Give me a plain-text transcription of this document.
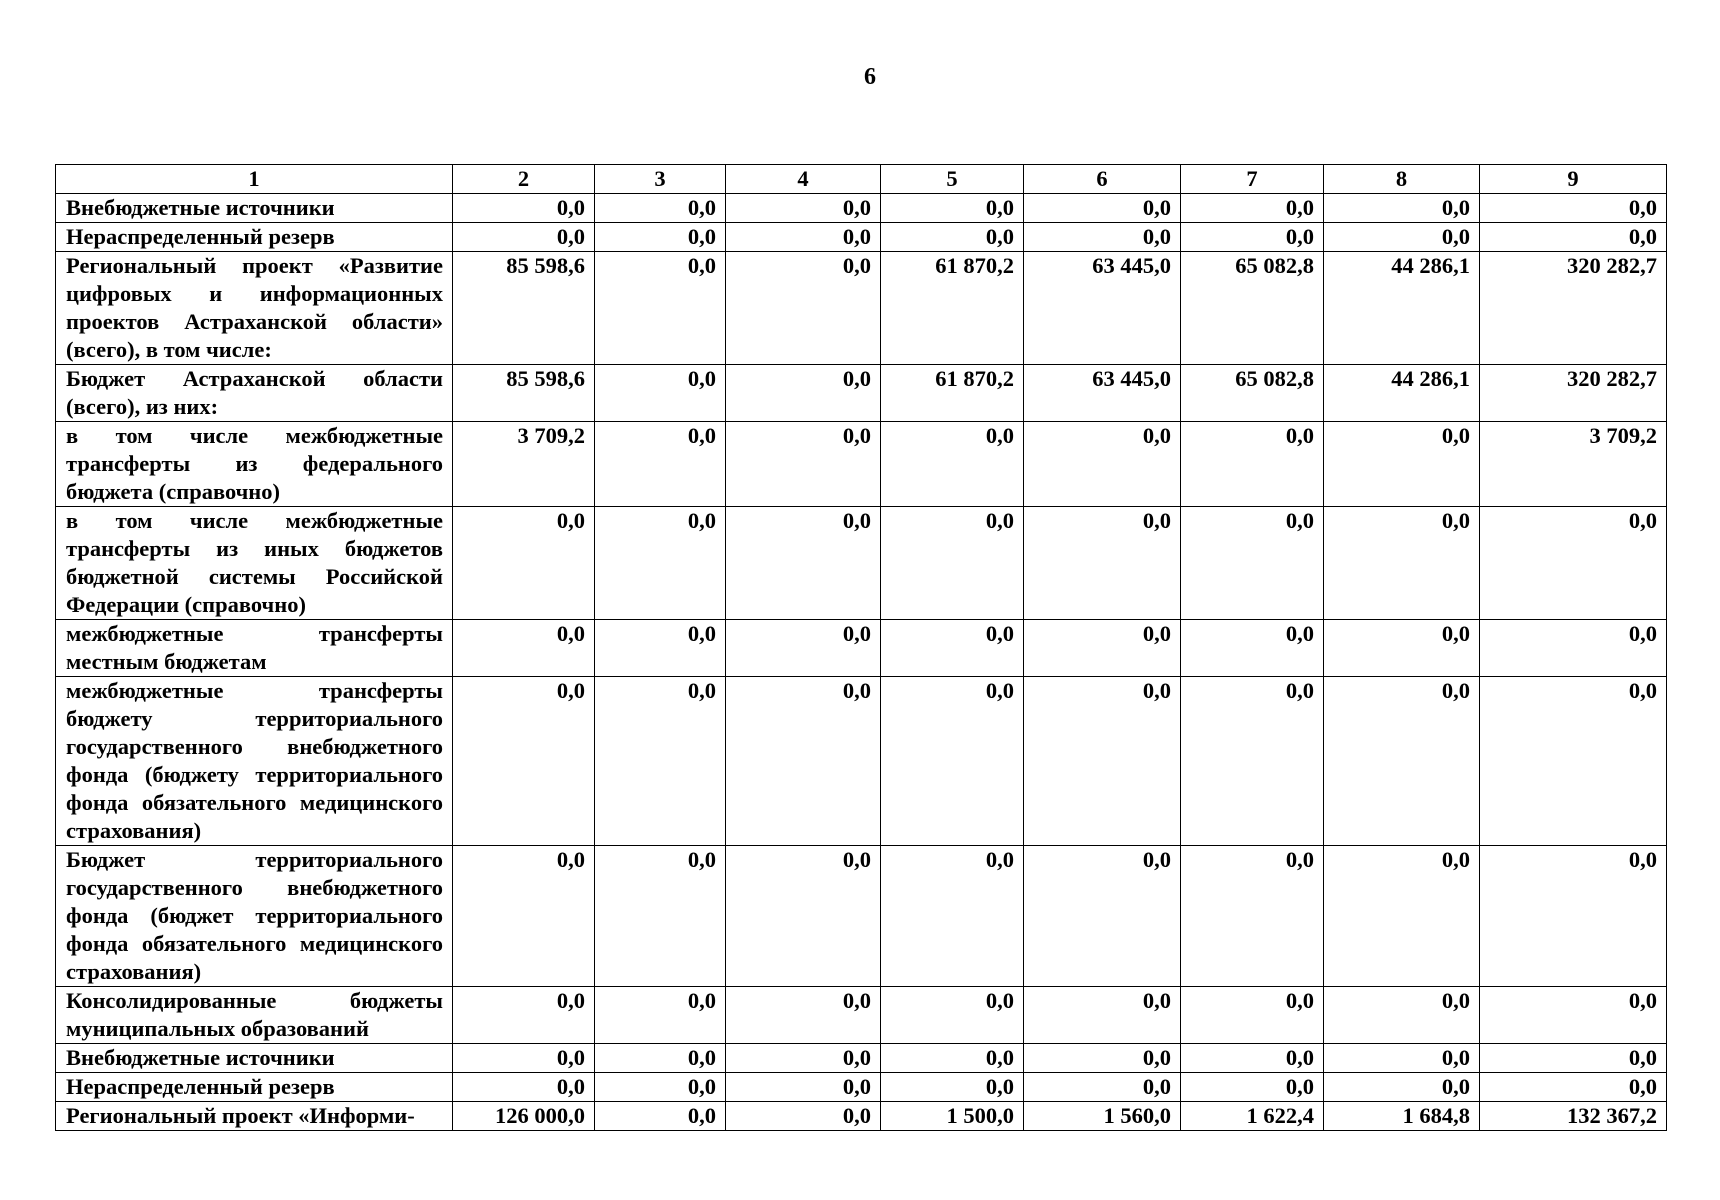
6
1	2	3	4	5	6	7	8	9
Внебюджетные источники	0,0	0,0	0,0	0,0	0,0	0,0	0,0	0,0
Нераспределенный резерв	0,0	0,0	0,0	0,0	0,0	0,0	0,0	0,0
Региональный проект «Развитие цифровых и информационных проектов Астраханской области» (всего), в том числе:	85 598,6	0,0	0,0	61 870,2	63 445,0	65 082,8	44 286,1	320 282,7
Бюджет Астраханской области (всего), из них:	85 598,6	0,0	0,0	61 870,2	63 445,0	65 082,8	44 286,1	320 282,7
в том числе межбюджетные трансферты из федерального бюджета (справочно)	3 709,2	0,0	0,0	0,0	0,0	0,0	0,0	3 709,2
в том числе межбюджетные трансферты из иных бюджетов бюджетной системы Российской Федерации (справочно)	0,0	0,0	0,0	0,0	0,0	0,0	0,0	0,0
межбюджетные трансферты местным бюджетам	0,0	0,0	0,0	0,0	0,0	0,0	0,0	0,0
межбюджетные трансферты бюджету территориального государственного внебюджетного фонда (бюджету территориального фонда обязательного медицинского страхования)	0,0	0,0	0,0	0,0	0,0	0,0	0,0	0,0
Бюджет территориального государственного внебюджетного фонда (бюджет территориального фонда обязательного медицинского страхования)	0,0	0,0	0,0	0,0	0,0	0,0	0,0	0,0
Консолидированные бюджеты муниципальных образований	0,0	0,0	0,0	0,0	0,0	0,0	0,0	0,0
Внебюджетные источники	0,0	0,0	0,0	0,0	0,0	0,0	0,0	0,0
Нераспределенный резерв	0,0	0,0	0,0	0,0	0,0	0,0	0,0	0,0
Региональный проект «Информи-	126 000,0	0,0	0,0	1 500,0	1 560,0	1 622,4	1 684,8	132 367,2
